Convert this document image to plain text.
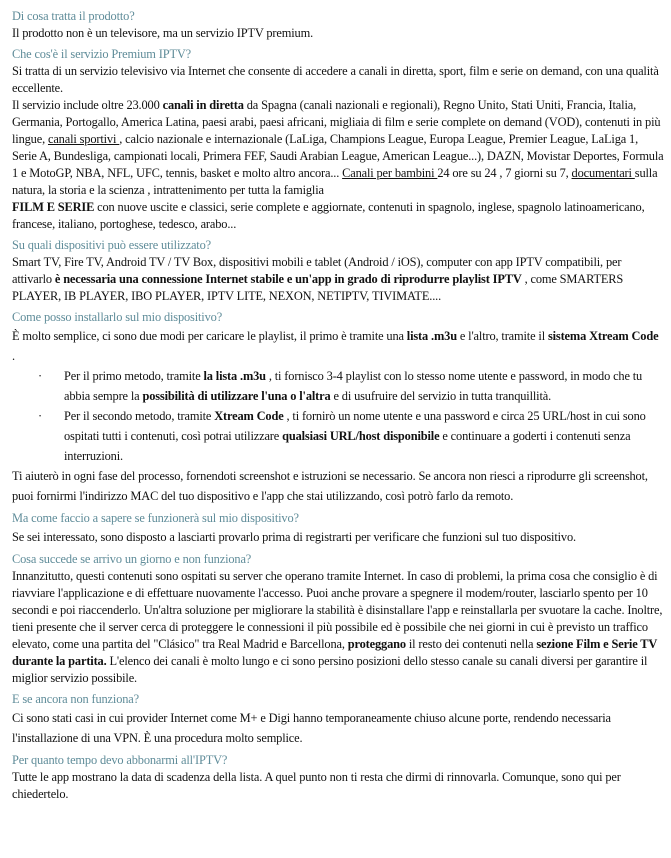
Di cosa tratta il prodotto?

Il prodotto non è un televisore, ma un servizio IPTV premium.

Che cos'è il servizio Premium IPTV?

Si tratta di un servizio televisivo via Internet che consente di accedere a canali in diretta, sport, film e serie on demand, con una qualità eccellente.

Il servizio include oltre 23.000 canali in diretta da Spagna (canali nazionali e regionali), Regno Unito, Stati Uniti, Francia, Italia, Germania, Portogallo, America Latina, paesi arabi, paesi africani, migliaia di film e serie complete on demand (VOD), contenuti in più lingue, canali sportivi , calcio nazionale e internazionale (LaLiga, Champions League, Europa League, Premier League, LaLiga 1, Serie A, Bundesliga, campionati locali, Primera FEF, Saudi Arabian League, American League...), DAZN, Movistar Deportes, Formula 1 e MotoGP, NBA, NFL, UFC, tennis, basket e molto altro ancora... Canali per bambini 24 ore su 24 , 7 giorni su 7, documentari sulla natura, la storia e la scienza , intrattenimento per tutta la famiglia

FILM E SERIE con nuove uscite e classici, serie complete e aggiornate, contenuti in spagnolo, inglese, spagnolo latinoamericano, francese, italiano, portoghese, tedesco, arabo...

Su quali dispositivi può essere utilizzato?

Smart TV, Fire TV, Android TV / TV Box, dispositivi mobili e tablet (Android / iOS), computer con app IPTV compatibili, per attivarlo è necessaria una connessione Internet stabile e un'app in grado di riprodurre playlist IPTV , come SMARTERS PLAYER, IB PLAYER, IBO PLAYER, IPTV LITE, NEXON, NETIPTV, TIVIMATE....

Come posso installarlo sul mio dispositivo?

È molto semplice, ci sono due modi per caricare le playlist, il primo è tramite una lista .m3u e l'altro, tramite il sistema Xtream Code .

· Per il primo metodo, tramite la lista .m3u , ti fornisco 3-4 playlist con lo stesso nome utente e password, in modo che tu abbia sempre la possibilità di utilizzare l'una o l'altra e di usufruire del servizio in tutta tranquillità.
· Per il secondo metodo, tramite Xtream Code , ti fornirò un nome utente e una password e circa 25 URL/host in cui sono ospitati tutti i contenuti, così potrai utilizzare qualsiasi URL/host disponibile e continuare a goderti i contenuti senza interruzioni.

Ti aiuterò in ogni fase del processo, fornendoti screenshot e istruzioni se necessario. Se ancora non riesci a riprodurre gli screenshot, puoi fornirmi l'indirizzo MAC del tuo dispositivo e l'app che stai utilizzando, così potrò farlo da remoto.

Ma come faccio a sapere se funzionerà sul mio dispositivo?

Se sei interessato, sono disposto a lasciarti provarlo prima di registrarti per verificare che funzioni sul tuo dispositivo.

Cosa succede se arrivo un giorno e non funziona?

Innanzitutto, questi contenuti sono ospitati su server che operano tramite Internet. In caso di problemi, la prima cosa che consiglio è di riavviare l'applicazione e di effettuare nuovamente l'accesso. Puoi anche provare a spegnere il modem/router, lasciarlo spento per 10 secondi e poi riaccenderlo. Un'altra soluzione per migliorare la stabilità è disinstallare l'app e reinstallarla per svuotare la cache. Inoltre, tieni presente che il server cerca di proteggere le connessioni il più possibile ed è possibile che nei giorni in cui è previsto un traffico elevato, come una partita del "Clásico" tra Real Madrid e Barcellona, proteggano il resto dei contenuti nella sezione Film e Serie TV durante la partita. L'elenco dei canali è molto lungo e ci sono persino posizioni dello stesso canale su canali diversi per garantire il miglior servizio possibile.

E se ancora non funziona?

Ci sono stati casi in cui provider Internet come M+ e Digi hanno temporaneamente chiuso alcune porte, rendendo necessaria l'installazione di una VPN. È una procedura molto semplice.

Per quanto tempo devo abbonarmi all'IPTV?

Tutte le app mostrano la data di scadenza della lista. A quel punto non ti resta che dirmi di rinnovarla. Comunque, sono qui per chiedertelo.
